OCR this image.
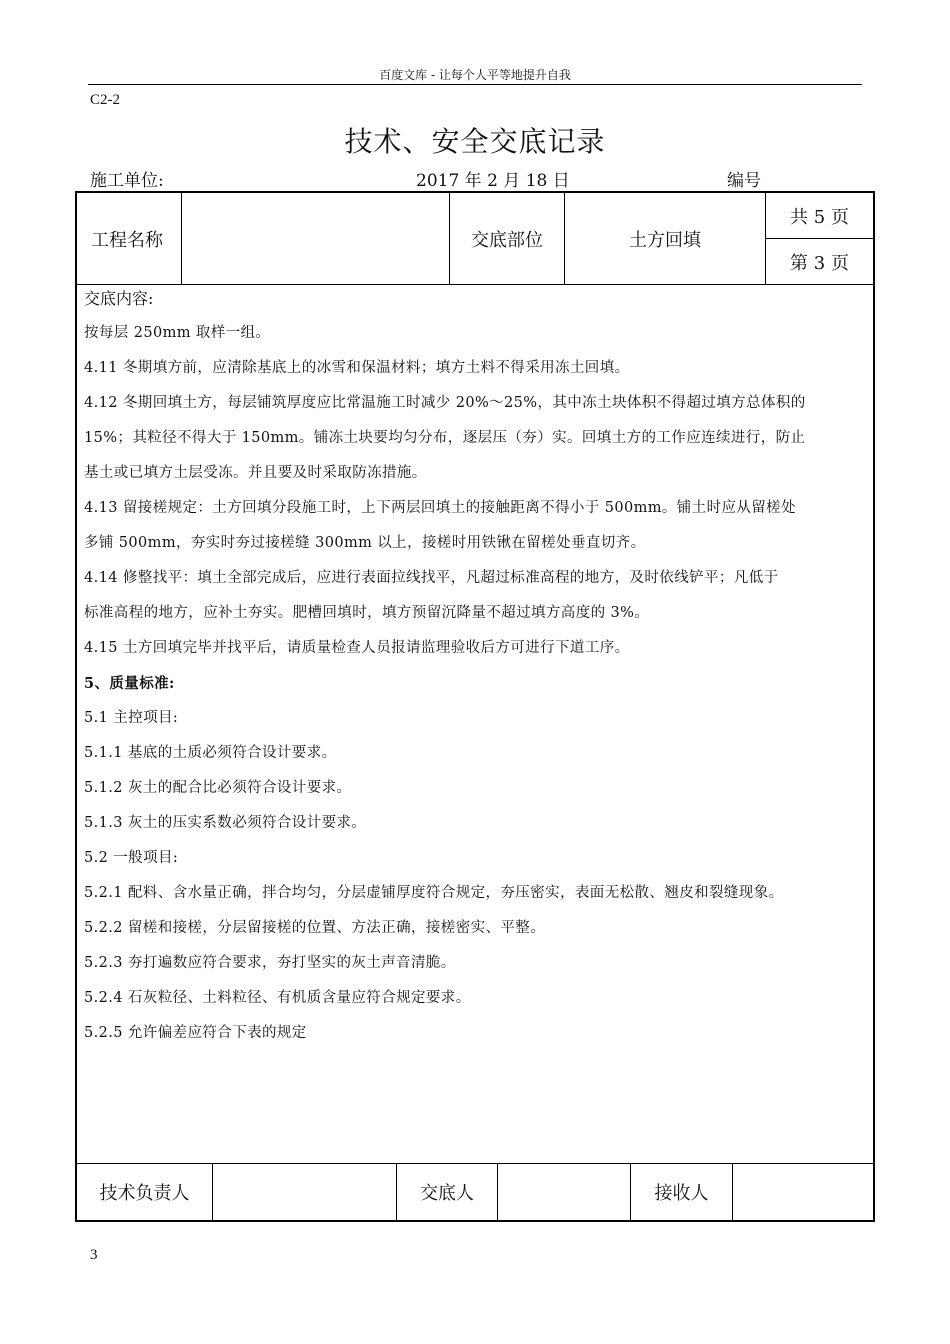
百度文库 - 让每个人平等地提升自我
C2-2
技术、安全交底记录
施工单位:	2017 年 2 月 18 日	编号
工程名称	交底部位	土方回填
共 5 页
第 3 页
技术负责人	交底人	接收人
交底内容:
按每层 250mm 取样一组。
4.11 冬期填方前，应清除基底上的冰雪和保温材料；填方土料不得采用冻土回填。
4.12 冬期回填土方，每层铺筑厚度应比常温施工时减少 20%～25%，其中冻土块体积不得超过填方总体积的
15%；其粒径不得大于 150mm。铺冻土块要均匀分布，逐层压（夯）实。回填土方的工作应连续进行，防止
基土或已填方土层受冻。并且要及时采取防冻措施。
4.13 留接槎规定：土方回填分段施工时，上下两层回填土的接触距离不得小于 500mm。铺土时应从留槎处
多铺 500mm，夯实时夯过接槎缝 300mm 以上，接槎时用铁锹在留槎处垂直切齐。
4.14 修整找平：填土全部完成后，应进行表面拉线找平，凡超过标准高程的地方，及时依线铲平；凡低于
标准高程的地方，应补土夯实。肥槽回填时，填方预留沉降量不超过填方高度的 3%。
4.15 土方回填完毕并找平后，请质量检查人员报请监理验收后方可进行下道工序。
5、质量标准:
5.1 主控项目:
5.1.1 基底的土质必须符合设计要求。
5.1.2 灰土的配合比必须符合设计要求。
5.1.3 灰土的压实系数必须符合设计要求。
5.2 一般项目:
5.2.1 配料、含水量正确，拌合均匀，分层虚铺厚度符合规定，夯压密实，表面无松散、翘皮和裂缝现象。
5.2.2 留槎和接槎，分层留接槎的位置、方法正确，接槎密实、平整。
5.2.3 夯打遍数应符合要求，夯打坚实的灰土声音清脆。
5.2.4 石灰粒径、土料粒径、有机质含量应符合规定要求。
5.2.5 允许偏差应符合下表的规定
3
